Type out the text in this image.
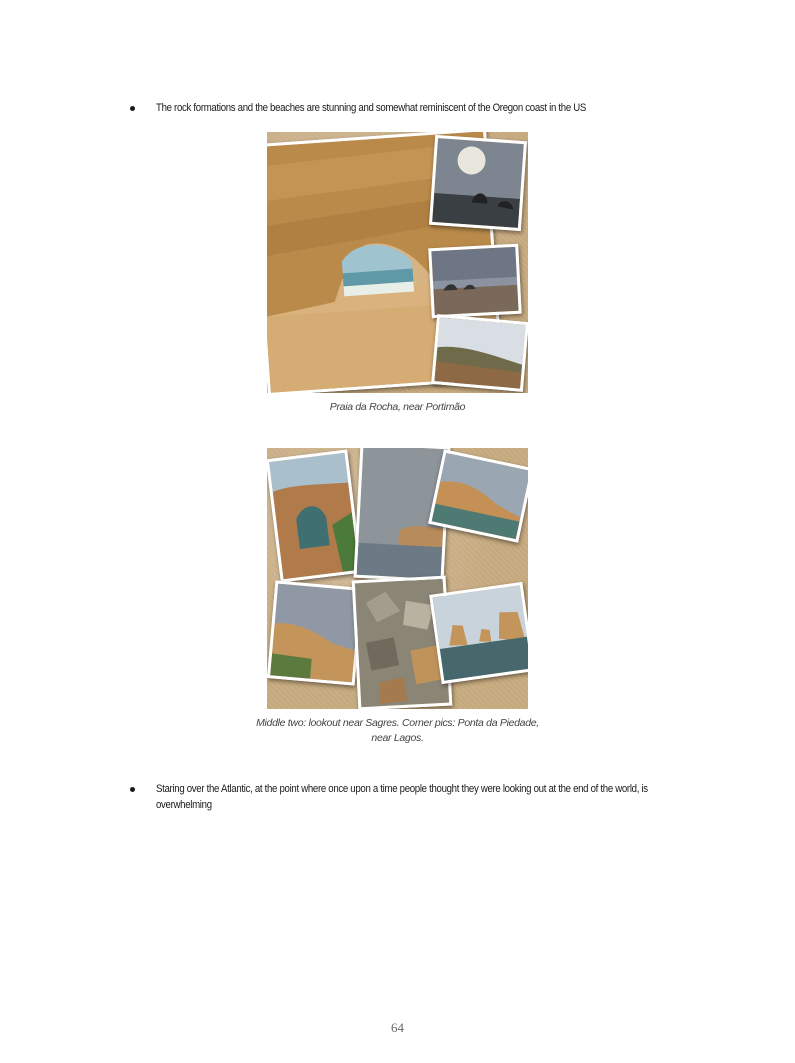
The rock formations and the beaches are stunning and somewhat reminiscent of the Oregon coast in the US
Praia da Rocha, near Portimão
Middle two: lookout near Sagres. Corner pics: Ponta da Piedade,
near Lagos.
Staring over the Atlantic, at the point where once upon a time people thought they were looking out at the end of the world, is overwhelming
64
